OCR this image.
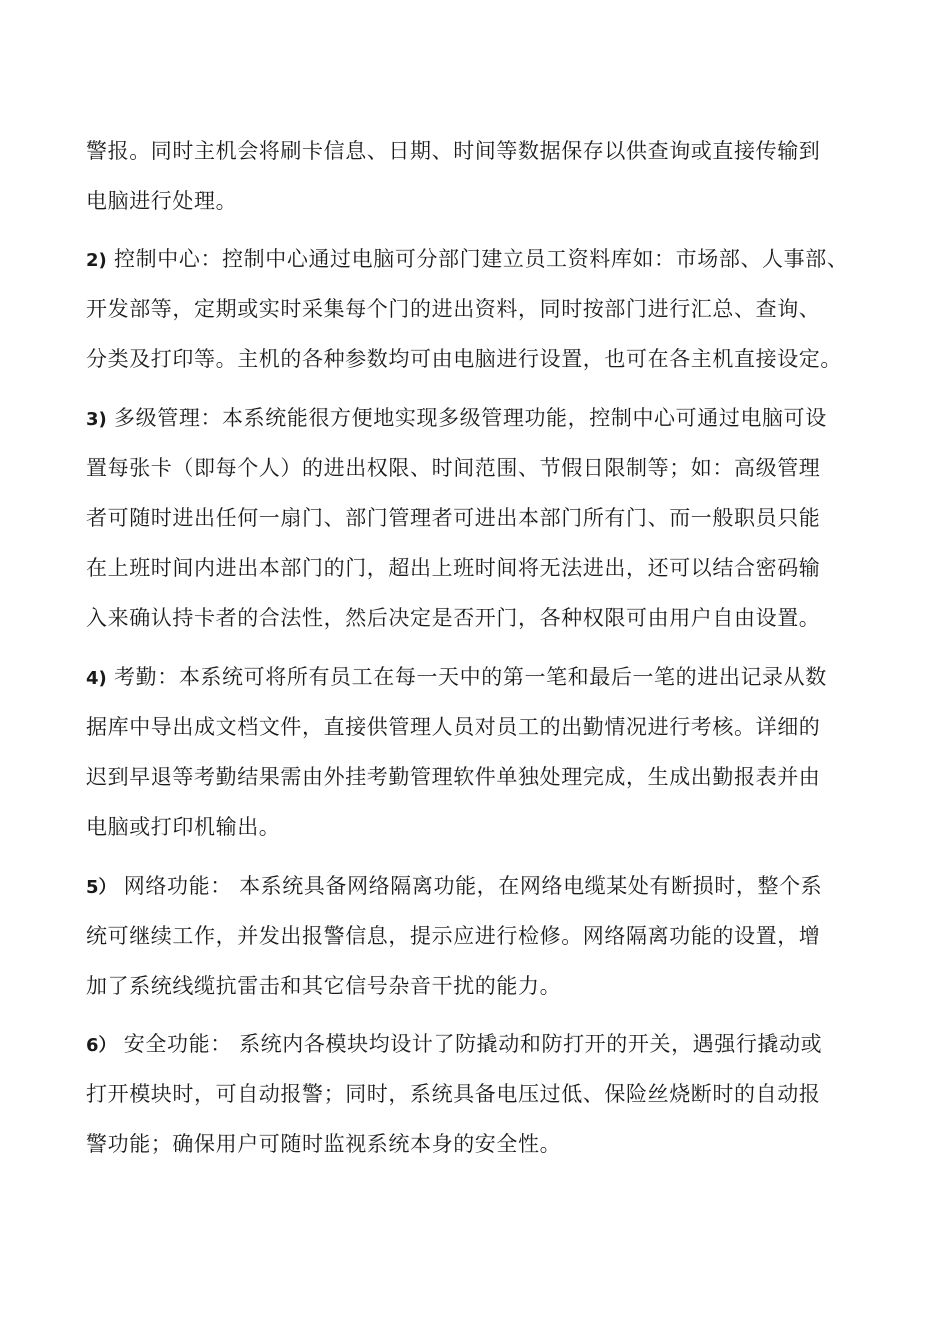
警报。同时主机会将刷卡信息、日期、时间等数据保存以供查询或直接传输到
电脑进行处理。
2) 控制中心：控制中心通过电脑可分部门建立员工资料库如：市场部、人事部、
开发部等，定期或实时采集每个门的进出资料，同时按部门进行汇总、查询、
分类及打印等。主机的各种参数均可由电脑进行设置，也可在各主机直接设定。
3) 多级管理：本系统能很方便地实现多级管理功能，控制中心可通过电脑可设
置每张卡（即每个人）的进出权限、时间范围、节假日限制等；如：高级管理
者可随时进出任何一扇门、部门管理者可进出本部门所有门、而一般职员只能
在上班时间内进出本部门的门，超出上班时间将无法进出，还可以结合密码输
入来确认持卡者的合法性，然后决定是否开门，各种权限可由用户自由设置。
4) 考勤：本系统可将所有员工在每一天中的第一笔和最后一笔的进出记录从数
据库中导出成文档文件，直接供管理人员对员工的出勤情况进行考核。详细的
迟到早退等考勤结果需由外挂考勤管理软件单独处理完成，生成出勤报表并由
电脑或打印机输出。
5） 网络功能： 本系统具备网络隔离功能，在网络电缆某处有断损时，整个系
统可继续工作，并发出报警信息，提示应进行检修。网络隔离功能的设置，增
加了系统线缆抗雷击和其它信号杂音干扰的能力。
6） 安全功能： 系统内各模块均设计了防撬动和防打开的开关，遇强行撬动或
打开模块时，可自动报警；同时，系统具备电压过低、保险丝烧断时的自动报
警功能；确保用户可随时监视系统本身的安全性。
